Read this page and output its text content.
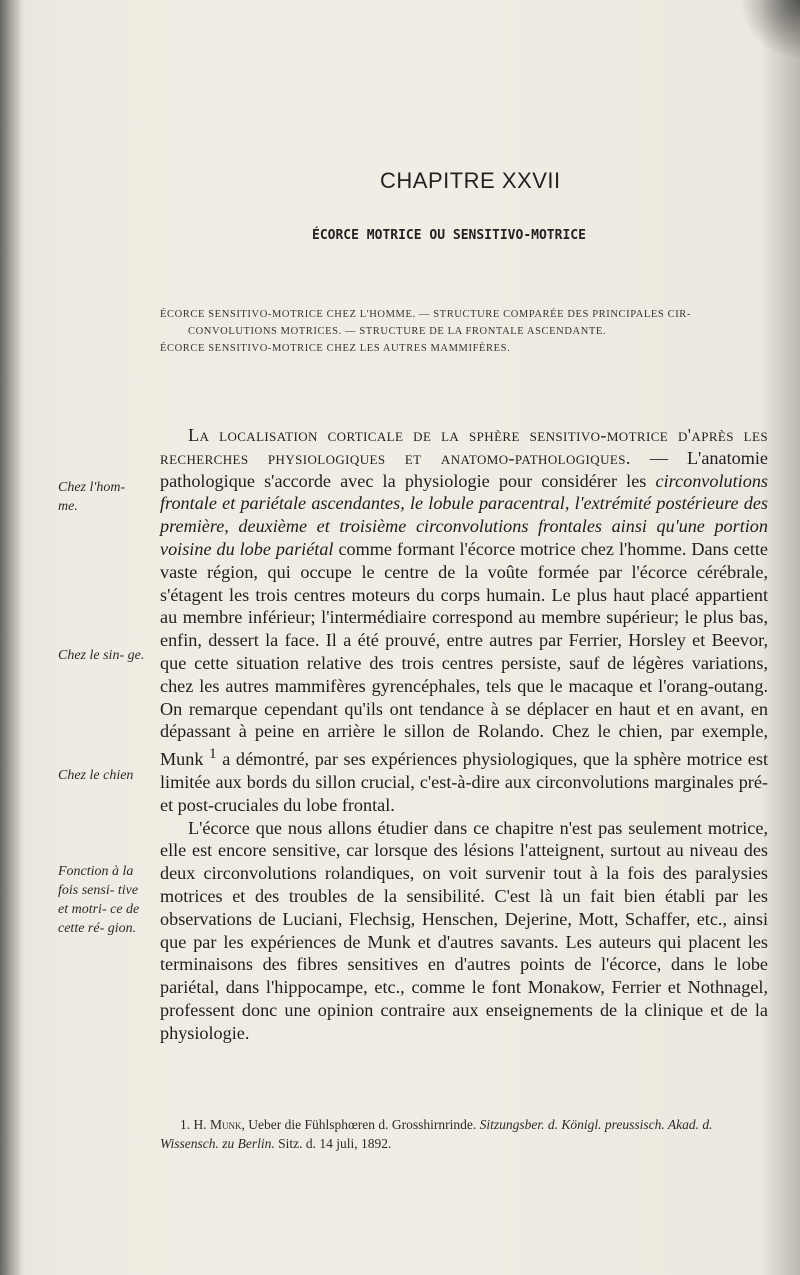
CHAPITRE XXVII
ÉCORCE MOTRICE OU SENSITIVO-MOTRICE
ÉCORCE SENSITIVO-MOTRICE CHEZ L'HOMME. — STRUCTURE COMPARÉE DES PRINCIPALES CIR-
CONVOLUTIONS MOTRICES. — STRUCTURE DE LA FRONTALE ASCENDANTE.
ÉCORCE SENSITIVO-MOTRICE CHEZ LES AUTRES MAMMIFÈRES.
Chez l'hom- me.
Chez le sin- ge.
Chez le chien
Fonction à la fois sensi- tive et motri- ce de cette ré- gion.

La localisation corticale de la sphère sensitivo-motrice d'après les recherches physiologiques et anatomo-pathologiques. — L'anatomie pathologique s'accorde avec la physiologie pour considérer les circonvolutions frontale et pariétale ascendantes, le lobule paracentral, l'extrémité postérieure des première, deuxième et troisième circonvolutions frontales ainsi qu'une portion voisine du lobe pariétal comme formant l'écorce motrice chez l'homme. Dans cette vaste région, qui occupe le centre de la voûte formée par l'écorce cérébrale, s'étagent les trois centres moteurs du corps humain. Le plus haut placé appartient au membre inférieur; l'intermédiaire correspond au membre supérieur; le plus bas, enfin, dessert la face. Il a été prouvé, entre autres par Ferrier, Horsley et Beevor, que cette situation relative des trois centres persiste, sauf de légères variations, chez les autres mammifères gyrencéphales, tels que le macaque et l'orang-outang. On remarque cependant qu'ils ont tendance à se déplacer en haut et en avant, en dépassant à peine en arrière le sillon de Rolando. Chez le chien, par exemple, Munk $^1$ a démontré, par ses expériences physiologiques, que la sphère motrice est limitée aux bords du sillon crucial, c'est-à-dire aux circonvolutions marginales pré- et post-cruciales du lobe frontal.

L'écorce que nous allons étudier dans ce chapitre n'est pas seulement motrice, elle est encore sensitive, car lorsque des lésions l'atteignent, surtout au niveau des deux circonvolutions rolandiques, on voit survenir tout à la fois des paralysies motrices et des troubles de la sensibilité. C'est là un fait bien établi par les observations de Luciani, Flechsig, Henschen, Dejerine, Mott, Schaffer, etc., ainsi que par les expériences de Munk et d'autres savants. Les auteurs qui placent les terminaisons des fibres sensitives en d'autres points de l'écorce, dans le lobe pariétal, dans l'hippocampe, etc., comme le font Monakow, Ferrier et Nothnagel, professent donc une opinion contraire aux enseignements de la clinique et de la physiologie.

1. H. Munk, Ueber die Fühlsphœren d. Grosshirnrinde. Sitzungsber. d. Königl. preussisch. Akad. d. Wissensch. zu Berlin. Sitz. d. 14 juli, 1892.
